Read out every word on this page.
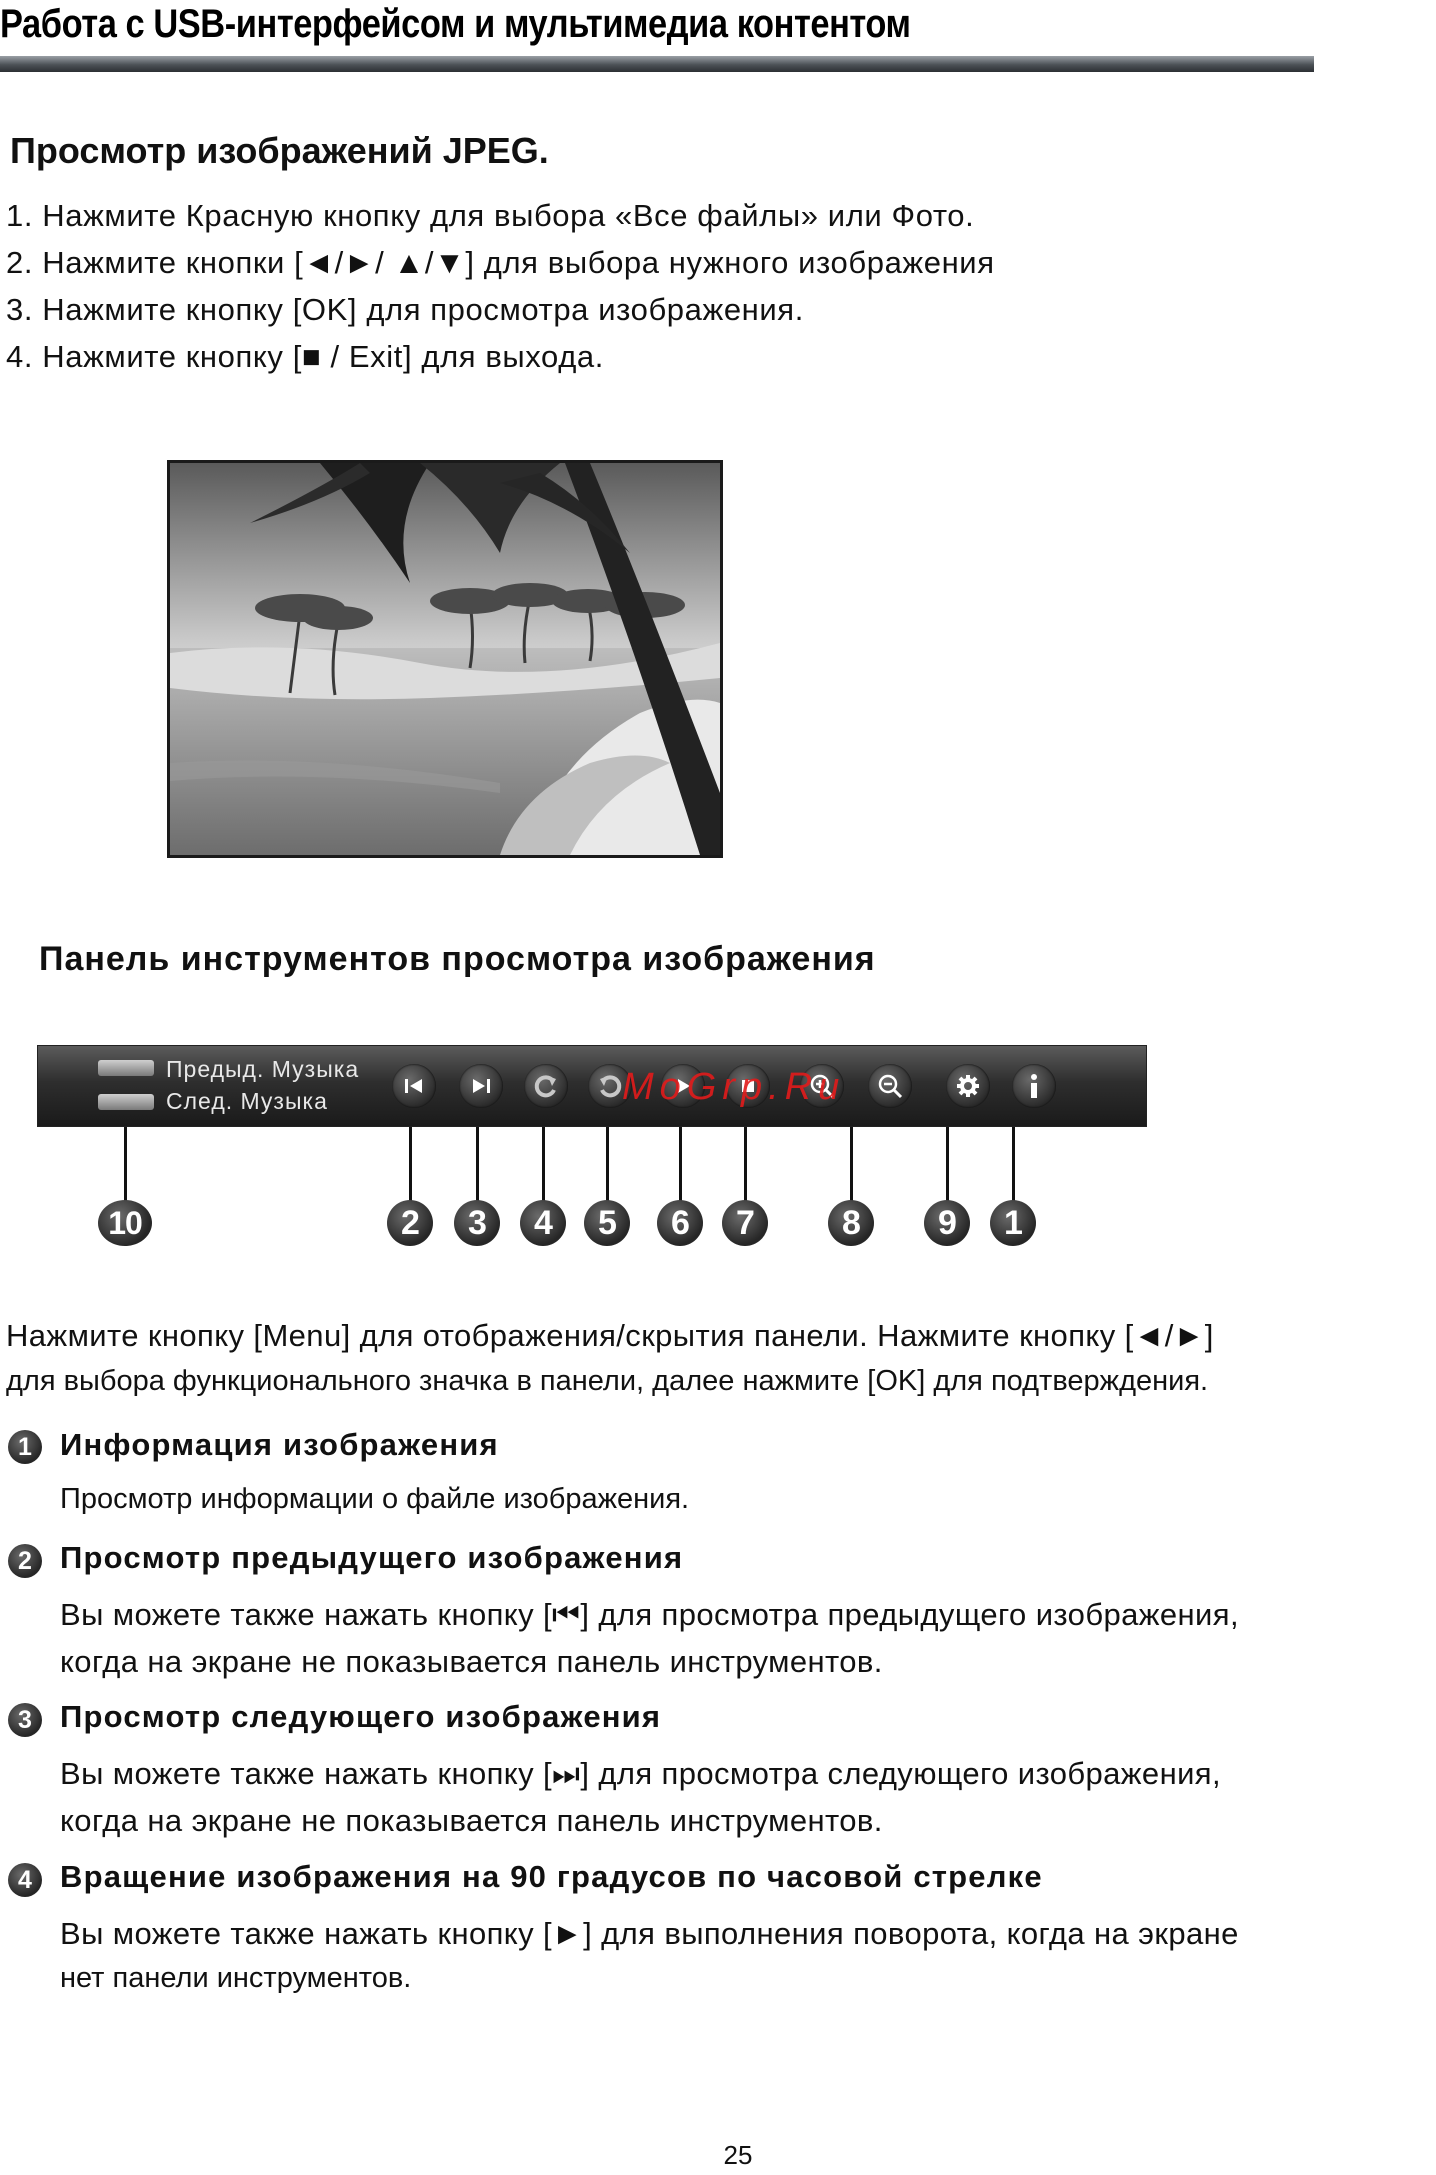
Работа с USB-интерфейсом и мультимедиа контентом
Просмотр изображений JPEG.
1. Нажмите Красную кнопку для выбора «Все файлы» или Фото.
2. Нажмите кнопки [◄/►/ ▲/▼] для выбора нужного изображения
3. Нажмите кнопку [OK] для просмотра изображения.
4. Нажмите кнопку [■ / Exit] для выхода.
Панель инструментов просмотра изображения
Предыд. Музыка
След. Музыка	MoGrp.Ru
10	2	3	4	5	6	7	8	9	1
Нажмите кнопку [Menu] для отображения/скрытия панели. Нажмите кнопку [◄/►]
для выбора функционального значка в панели, далее нажмите [OK] для подтверждения.
1 Информация изображения
Просмотр информации о файле изображения.
2 Просмотр предыдущего изображения
Вы можете также нажать кнопку [⏮] для просмотра предыдущего изображения,
когда на экране не показывается панель инструментов.
3 Просмотр следующего изображения
Вы можете также нажать кнопку [⏭] для просмотра следующего изображения,
когда на экране не показывается панель инструментов.
4 Вращение изображения на 90 градусов по часовой стрелке
Вы можете также нажать кнопку [►] для выполнения поворота, когда на экране
нет панели инструментов.
25
